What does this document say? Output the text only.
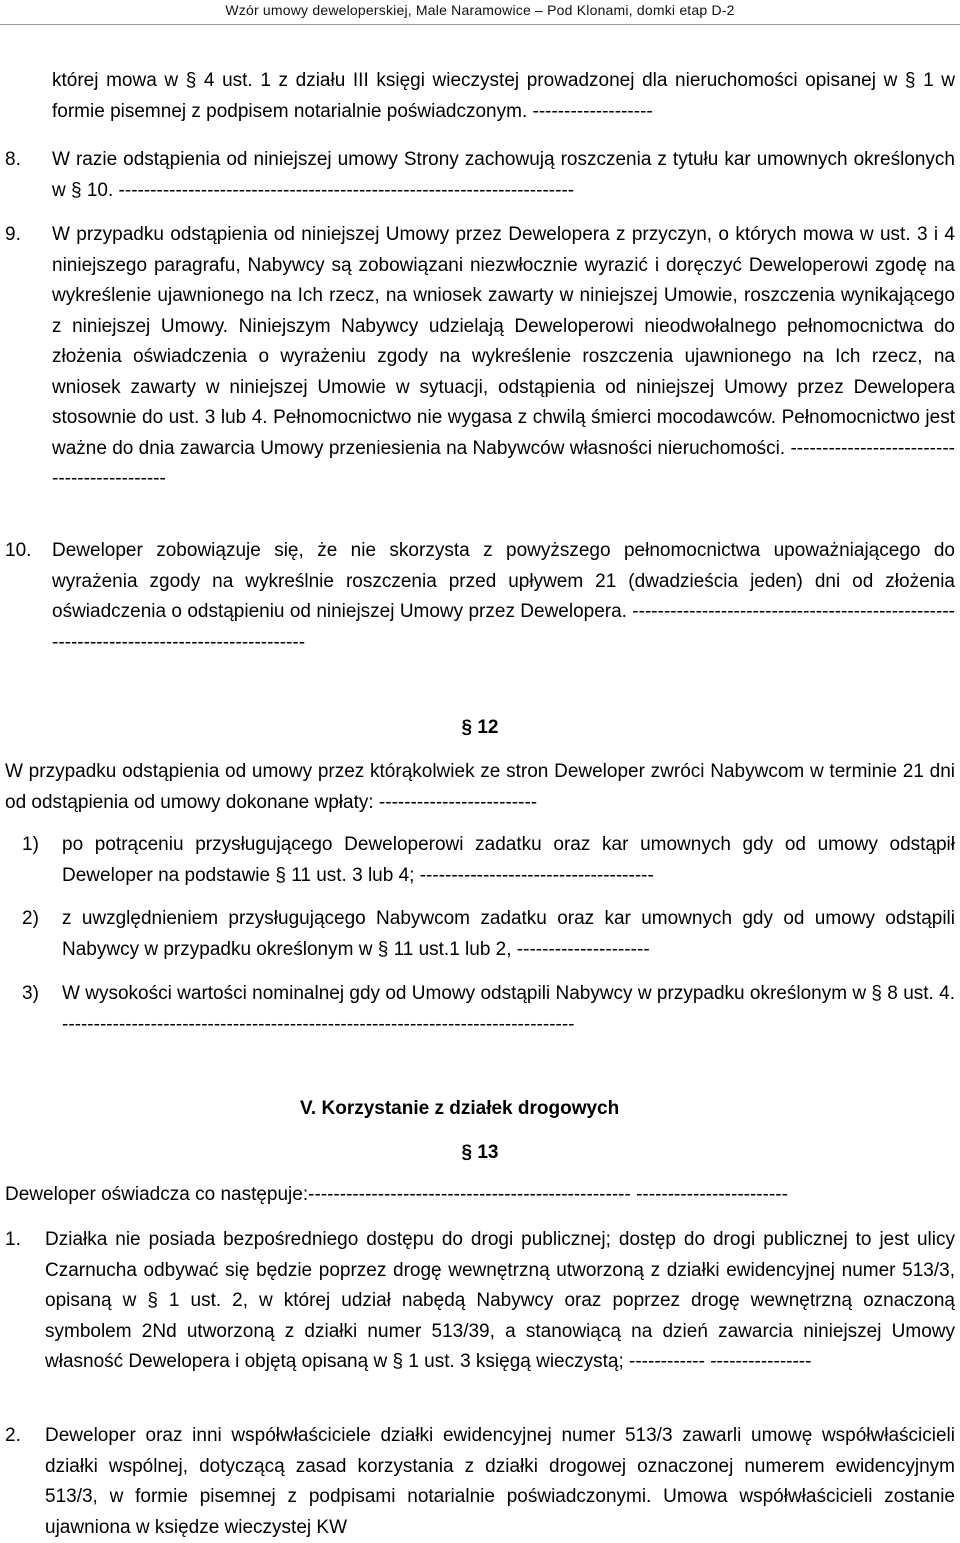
Wzór umowy deweloperskiej, Male Naramowice – Pod Klonami, domki etap D-2
której mowa w § 4 ust. 1 z działu III księgi wieczystej prowadzonej dla nieruchomości opisanej w § 1 w formie pisemnej z podpisem notarialnie poświadczonym. -------------------
8.	W razie odstąpienia od niniejszej umowy Strony zachowują roszczenia z tytułu kar umownych określonych w § 10. ------------------------------------------------------------------------
9.	W przypadku odstąpienia od niniejszej Umowy przez Dewelopera z przyczyn, o których mowa w ust. 3 i 4 niniejszego paragrafu, Nabywcy są zobowiązani niezwłocznie wyrazić i doręczyć Deweloperowi zgodę na wykreślenie ujawnionego na Ich rzecz, na wniosek zawarty w niniejszej Umowie, roszczenia wynikającego z niniejszej Umowy. Niniejszym Nabywcy udzielają Deweloperowi nieodwołalnego pełnomocnictwa do złożenia oświadczenia o wyrażeniu zgody na wykreślenie roszczenia ujawnionego na Ich rzecz, na wniosek zawarty w niniejszej Umowie w sytuacji, odstąpienia od niniejszej Umowy przez Dewelopera stosownie do ust. 3 lub 4. Pełnomocnictwo nie wygasa z chwilą śmierci mocodawców. Pełnomocnictwo jest ważne do dnia zawarcia Umowy przeniesienia na Nabywców własności nieruchomości. --------------------------------------------
10.	Deweloper zobowiązuje się, że nie skorzysta z powyższego pełnomocnictwa upoważniającego do wyrażenia zgody na wykreślnie roszczenia przed upływem 21 (dwadzieścia jeden) dni od złożenia oświadczenia o odstąpieniu od niniejszej Umowy przez Dewelopera. -------------------------------------------------------------------------------------------
§ 12
W przypadku odstąpienia od umowy przez którąkolwiek ze stron Deweloper zwróci Nabywcom w terminie 21 dni od odstąpienia od umowy dokonane wpłaty: -------------------------
1)	po potrąceniu przysługującego Deweloperowi zadatku oraz kar umownych gdy od umowy odstąpił Deweloper na podstawie § 11 ust. 3 lub 4; -------------------------------------
2)	z uwzględnieniem przysługującego Nabywcom zadatku oraz kar umownych gdy od umowy odstąpili Nabywcy w przypadku określonym w § 11 ust.1 lub 2, ---------------------
3)	W wysokości wartości nominalnej gdy od Umowy odstąpili Nabywcy w przypadku określonym w § 8 ust. 4. ---------------------------------------------------------------------------------
V. Korzystanie z działek drogowych
§ 13
Deweloper oświadcza co następuje:--------------------------------------------------- ------------------------
1.	Działka nie posiada bezpośredniego dostępu do drogi publicznej; dostęp do drogi publicznej to jest ulicy Czarnucha odbywać się będzie poprzez drogę wewnętrzną utworzoną z działki ewidencyjnej numer 513/3, opisaną w § 1 ust. 2, w której udział nabędą Nabywcy oraz poprzez drogę wewnętrzną oznaczoną symbolem 2Nd utworzoną z działki numer 513/39, a stanowiącą na dzień zawarcia niniejszej Umowy własność Dewelopera i objętą opisaną w § 1 ust. 3 księgą wieczystą; ------------ ----------------
2.	Deweloper oraz inni współwłaściciele działki ewidencyjnej numer 513/3 zawarli umowę współwłaścicieli działki wspólnej, dotyczącą zasad korzystania z działki drogowej oznaczonej numerem ewidencyjnym 513/3, w formie pisemnej z podpisami notarialnie poświadczonymi. Umowa współwłaścicieli zostanie ujawniona w księdze wieczystej KW
